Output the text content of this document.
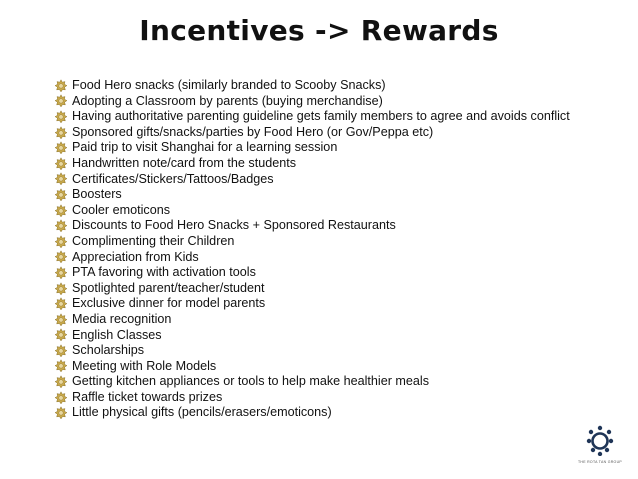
Incentives -> Rewards
Food Hero snacks (similarly branded to Scooby Snacks)
Adopting a Classroom by parents (buying merchandise)
Having authoritative parenting guideline gets family members to agree and avoids conflict
Sponsored gifts/snacks/parties by Food Hero (or Gov/Peppa etc)
Paid trip to visit Shanghai for a learning session
Handwritten note/card from the students
Certificates/Stickers/Tattoos/Badges
Boosters
Cooler emoticons
Discounts to Food Hero Snacks + Sponsored Restaurants
Complimenting their Children
Appreciation from Kids
PTA favoring with activation tools
Spotlighted parent/teacher/student
Exclusive dinner for model parents
Media recognition
English Classes
Scholarships
Meeting with Role Models
Getting kitchen appliances or tools to help make healthier meals
Raffle ticket towards prizes
Little physical gifts (pencils/erasers/emoticons)
THE ROTA TAN GROUP
